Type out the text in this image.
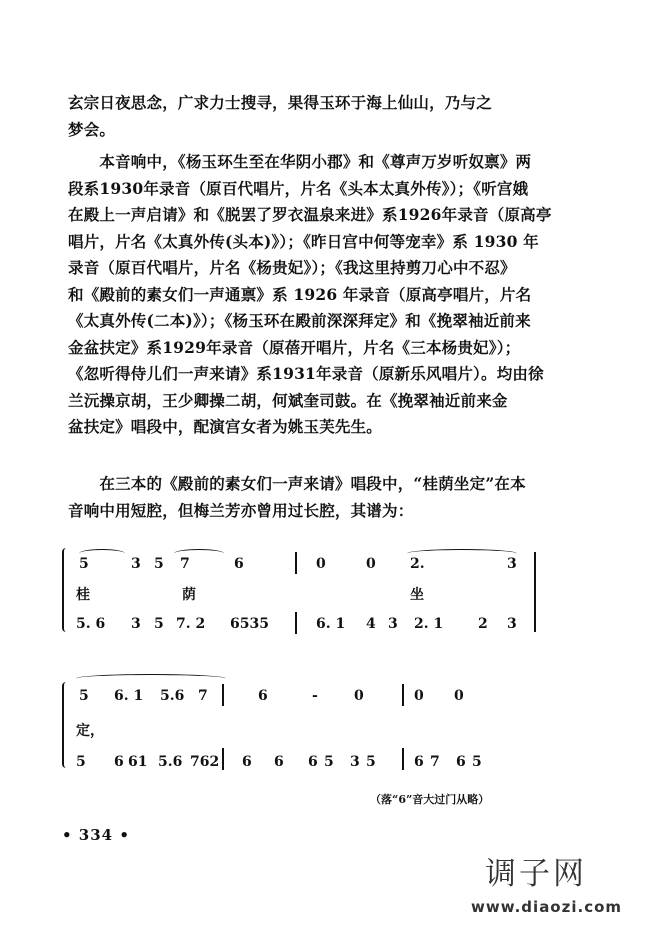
玄宗日夜思念，广求力士搜寻，果得玉环于海上仙山，乃与之
梦会。
　　本音响中，《杨玉环生至在华阴小郡》和《尊声万岁听奴禀》两
段系1930年录音（原百代唱片，片名《头本太真外传》）；《听宫娥
在殿上一声启请》和《脱罢了罗衣温泉来进》系1926年录音（原高亭
唱片，片名《太真外传(头本)》）；《昨日宫中何等宠幸》系 1930 年
录音（原百代唱片，片名《杨贵妃》）；《我这里持剪刀心中不忍》
和《殿前的素女们一声通禀》系 1926 年录音（原高亭唱片，片名
《太真外传(二本)》）；《杨玉环在殿前深深拜定》和《挽翠袖近前来
金盆扶定》系1929年录音（原蓓开唱片，片名《三本杨贵妃》）；
《忽听得侍儿们一声来请》系1931年录音（原新乐风唱片）。均由徐
兰沅操京胡，王少卿操二胡，何斌奎司鼓。在《挽翠袖近前来金
盆扶定》唱段中，配演宫女者为姚玉芙先生。
　　在三本的《殿前的素女们一声来请》唱段中，“桂荫坐定”在本
音响中用短腔，但梅兰芳亦曾用过长腔，其谱为：
5	3 5 7	6	0	0 2.	3
桂	荫	坐
5. 6 3 5 7. 2 6535	6. 1 4 3 2. 1 2 3
5 6. 1 5.6 7	6	-	0	0 0
定，
5 6 61 5.6 762 6 6 6 5 3 5	6 7 6 5
（落“6”音大过门从略）
• 334 •
调子网
www.diaozi.com
